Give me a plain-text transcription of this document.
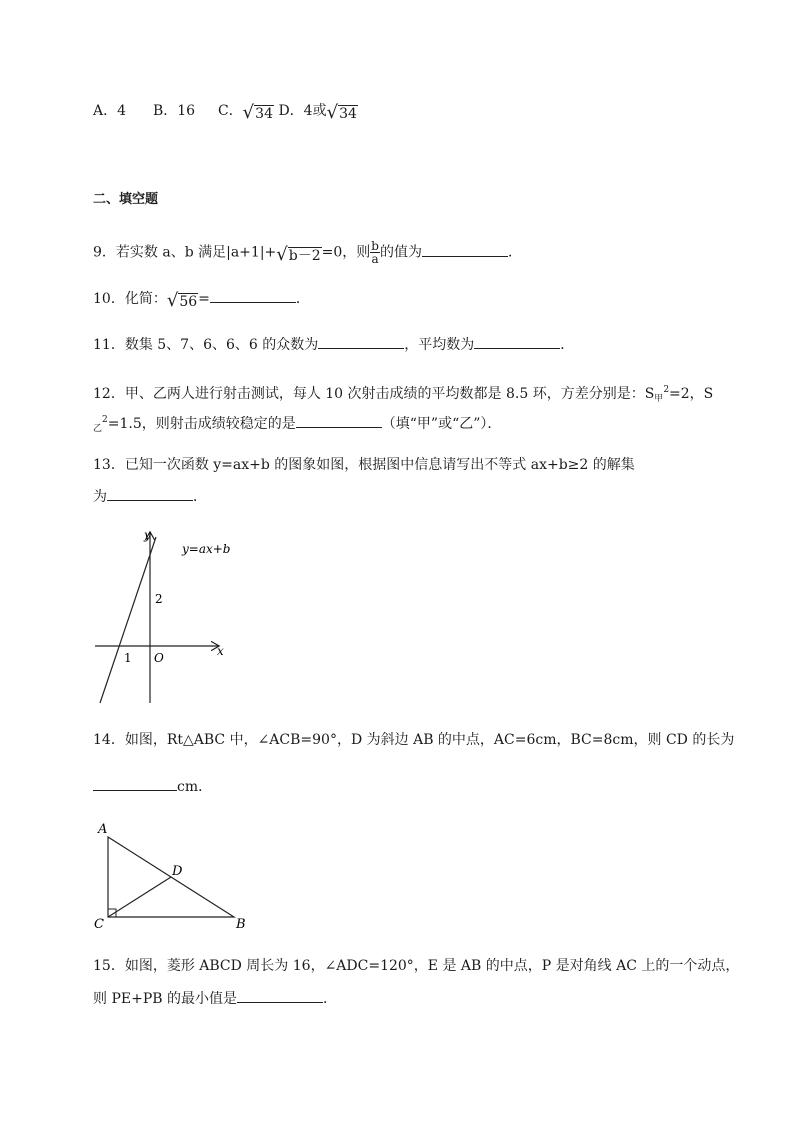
A．4 B．16 C． √ 34 D．4或 √ 34
二、填空题
9．若实数 a、b 满足|a+1|+ √ b－2 =0，则 $\frac{b}{a}$ 的值为	．
10．化简： √ 56 =	．
11．数集 5、7、6、6、6 的众数为	，平均数为	．
12．甲、乙两人进行射击测试，每人 10 次射击成绩的平均数都是 8.5 环，方差分别是：$S_甲^2=2$，S
$_乙^2$=1.5，则射击成绩较稳定的是	（填“甲”或“乙”）．
13．已知一次函数 y=ax+b 的图象如图，根据图中信息请写出不等式 ax+b≥2 的解集
为	．
y=ax+b
y
x
O
1
2
14．如图，Rt△ABC 中，∠ACB=90°，D 为斜边 AB 的中点，AC=6cm，BC=8cm，则 CD 的长为
cm．
A
B
C
D
15．如图，菱形 ABCD 周长为 16，∠ADC=120°，E 是 AB 的中点，P 是对角线 AC 上的一个动点，
则 PE+PB 的最小值是	．
